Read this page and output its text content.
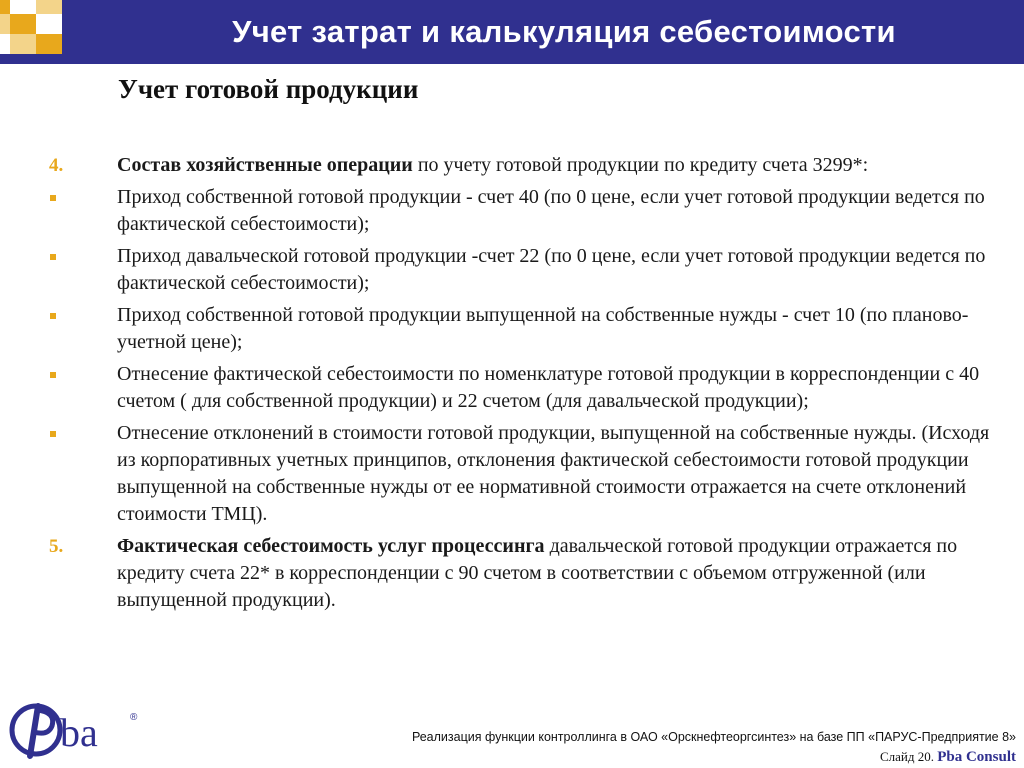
Учет затрат и калькуляция себестоимости
Учет готовой продукции
4.	Состав хозяйственные операции по учету готовой продукции по кредиту счета 3299*:
Приход собственной готовой продукции - счет 40 (по 0 цене, если учет готовой продукции ведется по фактической себестоимости);
Приход давальческой готовой продукции -счет 22 (по 0 цене, если учет готовой продукции ведется по фактической себестоимости);
Приход собственной готовой продукции выпущенной на собственные нужды - счет 10 (по планово-учетной цене);
Отнесение фактической себестоимости по номенклатуре готовой продукции в корреспонденции с 40 счетом ( для собственной продукции) и 22 счетом (для давальческой продукции);
Отнесение отклонений в стоимости готовой продукции, выпущенной на собственные нужды. (Исходя из корпоративных учетных принципов, отклонения фактической себестоимости готовой продукции выпущенной на собственные нужды от ее нормативной стоимости отражается на счете отклонений стоимости ТМЦ).
5.	Фактическая себестоимость услуг процессинга давальческой готовой продукции отражается по кредиту счета 22* в корреспонденции с 90 счетом в соответствии с объемом отгруженной (или выпущенной продукции).
ba	®
Реализация функции контроллинга в ОАО «Орскнефтеоргсинтез» на базе ПП «ПАРУС-Предприятие 8»
Слайд 20. Pba Consult
